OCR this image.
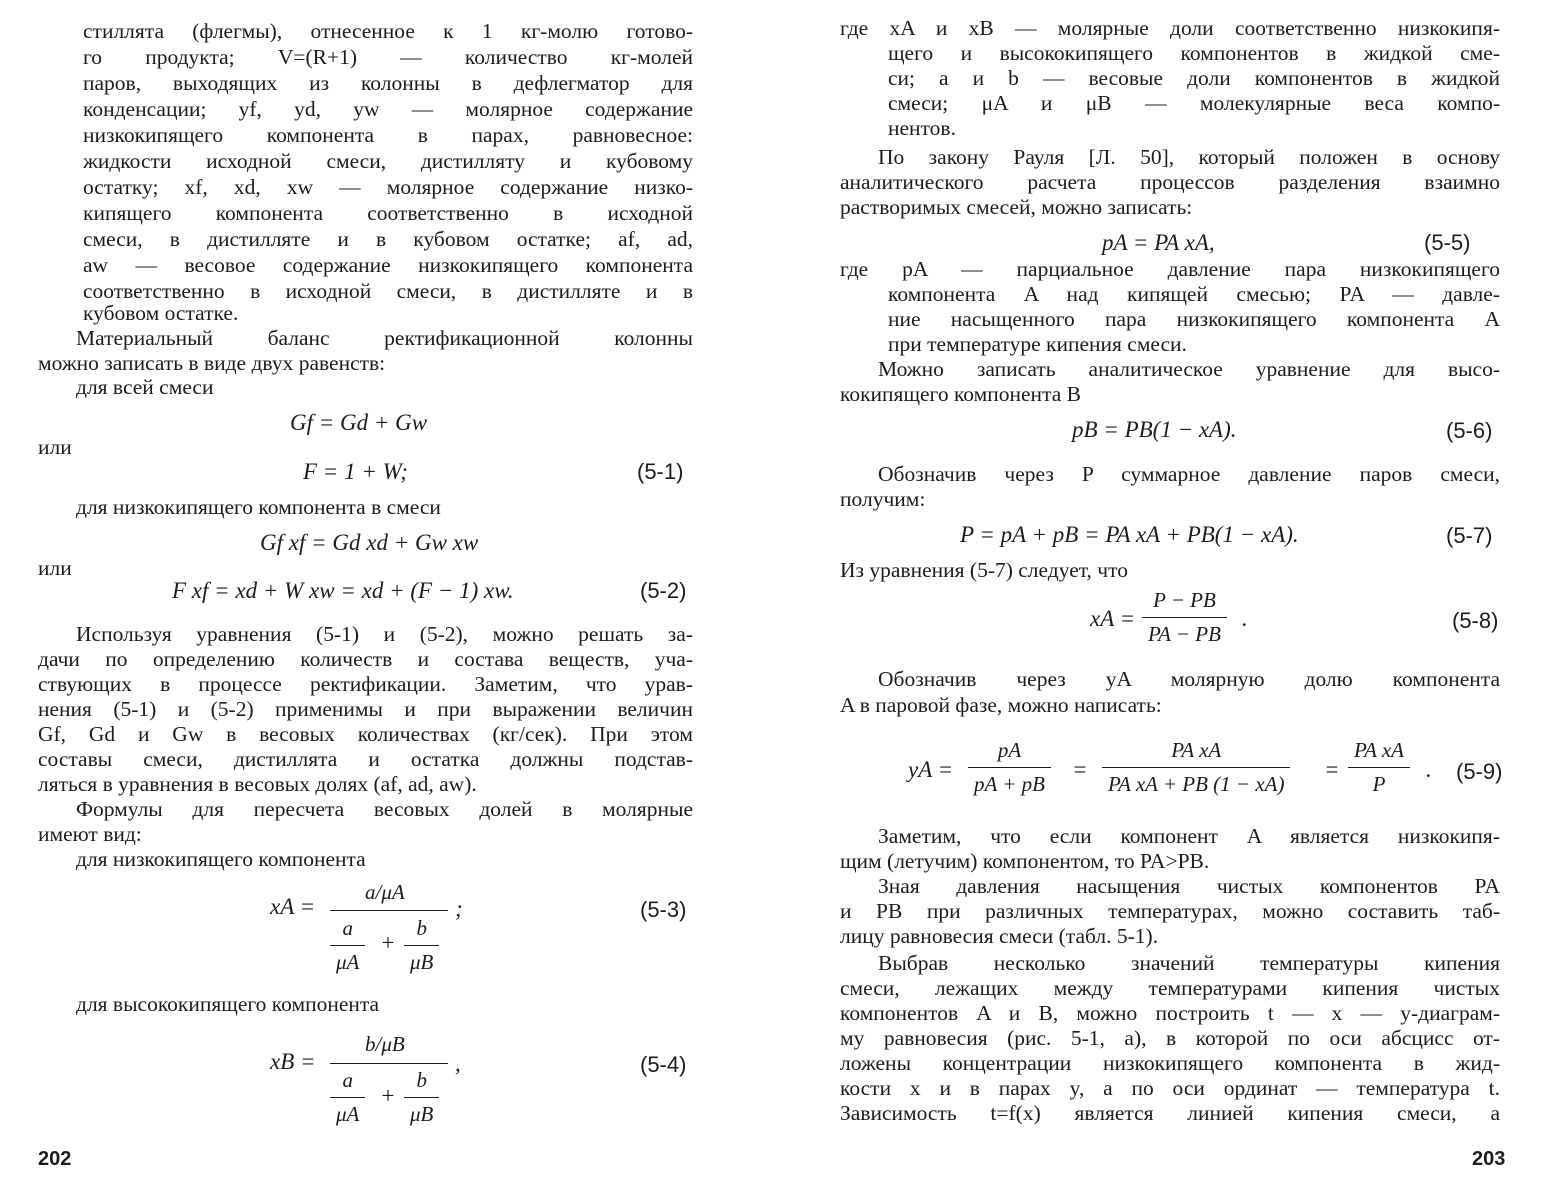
стиллята (флегмы), отнесенное к 1 кг-молю готово-
го продукта; V=(R+1) — количество кг-молей
паров, выходящих из колонны в дефлегматор для
конденсации; yf, yd, yw — молярное содержание
низкокипящего компонента в парах, равновесное:
жидкости исходной смеси, дистилляту и кубовому
остатку; xf, xd, xw — молярное содержание низко-
кипящего компонента соответственно в исходной
смеси, в дистилляте и в кубовом остатке; af, ad,
aw — весовое содержание низкокипящего компонента
соответственно в исходной смеси, в дистилляте и в
кубовом остатке.
Материальный баланс ректификационной колонны
можно записать в виде двух равенств:
для всей смеси
Gf = Gd + Gw
или
F = 1 + W;	(5-1)
для низкокипящего компонента в смеси
Gf xf = Gd xd + Gw xw
или
F xf = xd + W xw = xd + (F − 1) xw.	(5-2)
Используя уравнения (5-1) и (5-2), можно решать за-
дачи по определению количеств и состава веществ, уча-
ствующих в процессе ректификации. Заметим, что урав-
нения (5-1) и (5-2) применимы и при выражении величин
Gf, Gd и Gw в весовых количествах (кг/сек). При этом
составы смеси, дистиллята и остатка должны подстав-
ляться в уравнения в весовых долях (af, ad, aw).
Формулы для пересчета весовых долей в молярные
имеют вид:
для низкокипящего компонента
xA =
a/μA
$\frac{a}{\mu A} + \frac{b}{\mu B}$
;	(5-3)
для высококипящего компонента
xB =
b/μB
$\frac{a}{\mu A} + \frac{b}{\mu B}$
,	(5-4)
202
где xA и xB — молярные доли соответственно низкокипя-
щего и высококипящего компонентов в жидкой сме-
си; a и b — весовые доли компонентов в жидкой
смеси; μA и μB — молекулярные веса компо-
нентов.
По закону Рауля [Л. 50], который положен в основу
аналитического расчета процессов разделения взаимно
растворимых смесей, можно записать:
pA = PA xA,	(5-5)
где pA — парциальное давление пара низкокипящего
компонента A над кипящей смесью; PA — давле-
ние насыщенного пара низкокипящего компонента A
при температуре кипения смеси.
Можно записать аналитическое уравнение для высо-
кокипящего компонента B
pB = PB(1 − xA).	(5-6)
Обозначив через P суммарное давление паров смеси,
получим:
P = pA + pB = PA xA + PB(1 − xA).	(5-7)
Из уравнения (5-7) следует, что
xA = $\frac{P - PB}{PA - PB}$ .	(5-8)
Обозначив через yA молярную долю компонента
A в паровой фазе, можно написать:
yA = $\frac{pA}{pA + pB} = \frac{\text{PA xA}}{\text{PA xA + PB (1 − xA)}} = \frac{\text{PA xA}}{P}$ . (5-9)
Заметим, что если компонент A является низкокипя-
щим (летучим) компонентом, то PA>PB.
Зная давления насыщения чистых компонентов PA
и PB при различных температурах, можно составить таб-
лицу равновесия смеси (табл. 5-1).
Выбрав несколько значений температуры кипения
смеси, лежащих между температурами кипения чистых
компонентов A и B, можно построить t — x — y-диаграм-
му равновесия (рис. 5-1, a), в которой по оси абсцисс от-
ложены концентрации низкокипящего компонента в жид-
кости x и в парах y, а по оси ординат — температура t.
Зависимость t=f(x) является линией кипения смеси, а
203
